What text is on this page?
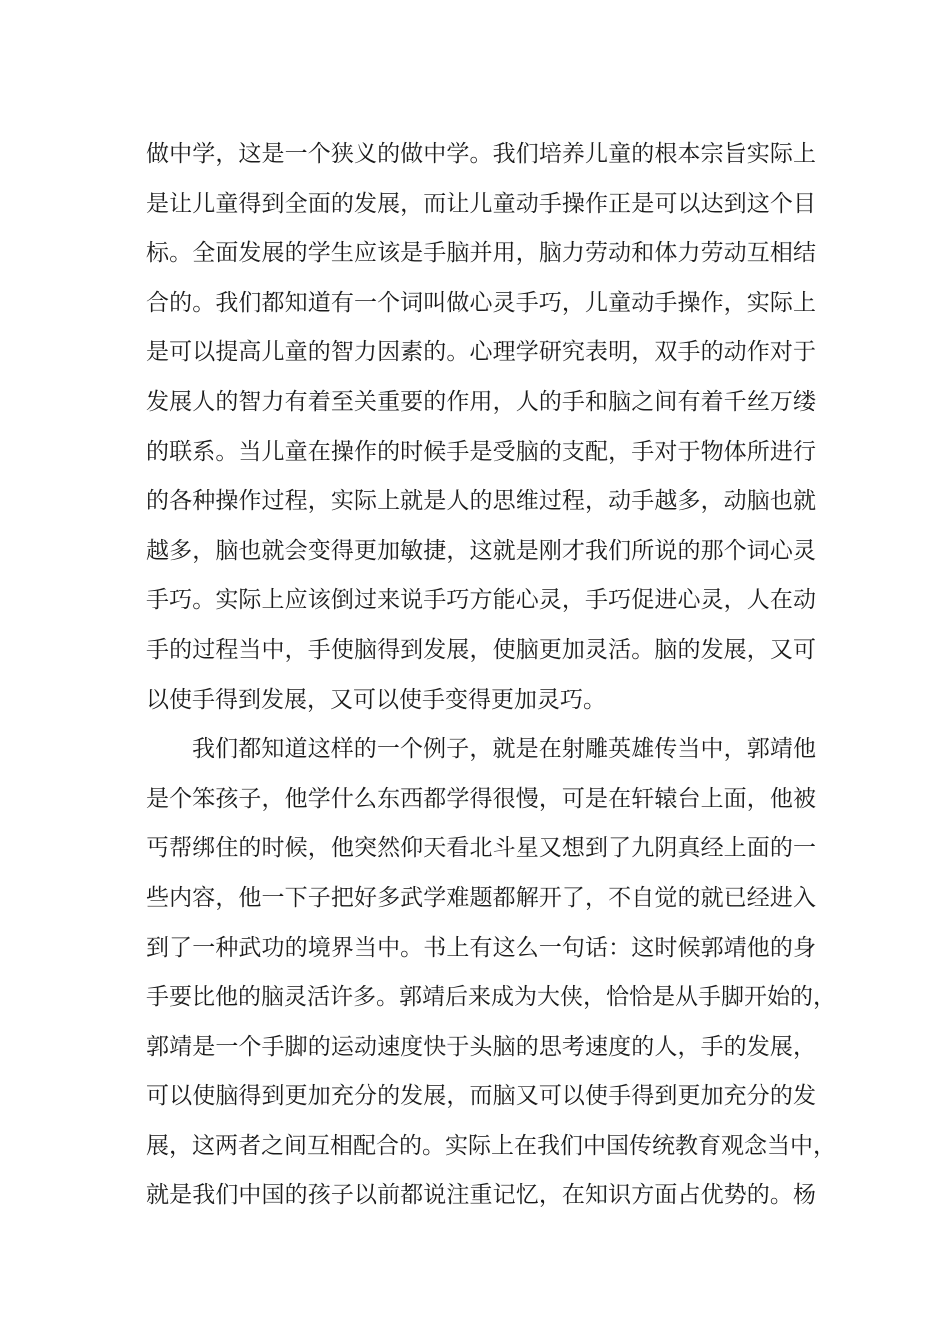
做中学，这是一个狭义的做中学。我们培养儿童的根本宗旨实际上
是让儿童得到全面的发展，而让儿童动手操作正是可以达到这个目
标。全面发展的学生应该是手脑并用，脑力劳动和体力劳动互相结
合的。我们都知道有一个词叫做心灵手巧，儿童动手操作，实际上
是可以提高儿童的智力因素的。心理学研究表明，双手的动作对于
发展人的智力有着至关重要的作用，人的手和脑之间有着千丝万缕
的联系。当儿童在操作的时候手是受脑的支配，手对于物体所进行
的各种操作过程，实际上就是人的思维过程，动手越多，动脑也就
越多，脑也就会变得更加敏捷，这就是刚才我们所说的那个词心灵
手巧。实际上应该倒过来说手巧方能心灵，手巧促进心灵，人在动
手的过程当中，手使脑得到发展，使脑更加灵活。脑的发展，又可
以使手得到发展，又可以使手变得更加灵巧。
我们都知道这样的一个例子，就是在射雕英雄传当中，郭靖他
是个笨孩子，他学什么东西都学得很慢，可是在轩辕台上面，他被
丐帮绑住的时候，他突然仰天看北斗星又想到了九阴真经上面的一
些内容，他一下子把好多武学难题都解开了，不自觉的就已经进入
到了一种武功的境界当中。书上有这么一句话：这时候郭靖他的身
手要比他的脑灵活许多。郭靖后来成为大侠，恰恰是从手脚开始的，
郭靖是一个手脚的运动速度快于头脑的思考速度的人，手的发展，
可以使脑得到更加充分的发展，而脑又可以使手得到更加充分的发
展，这两者之间互相配合的。实际上在我们中国传统教育观念当中，
就是我们中国的孩子以前都说注重记忆，在知识方面占优势的。杨
